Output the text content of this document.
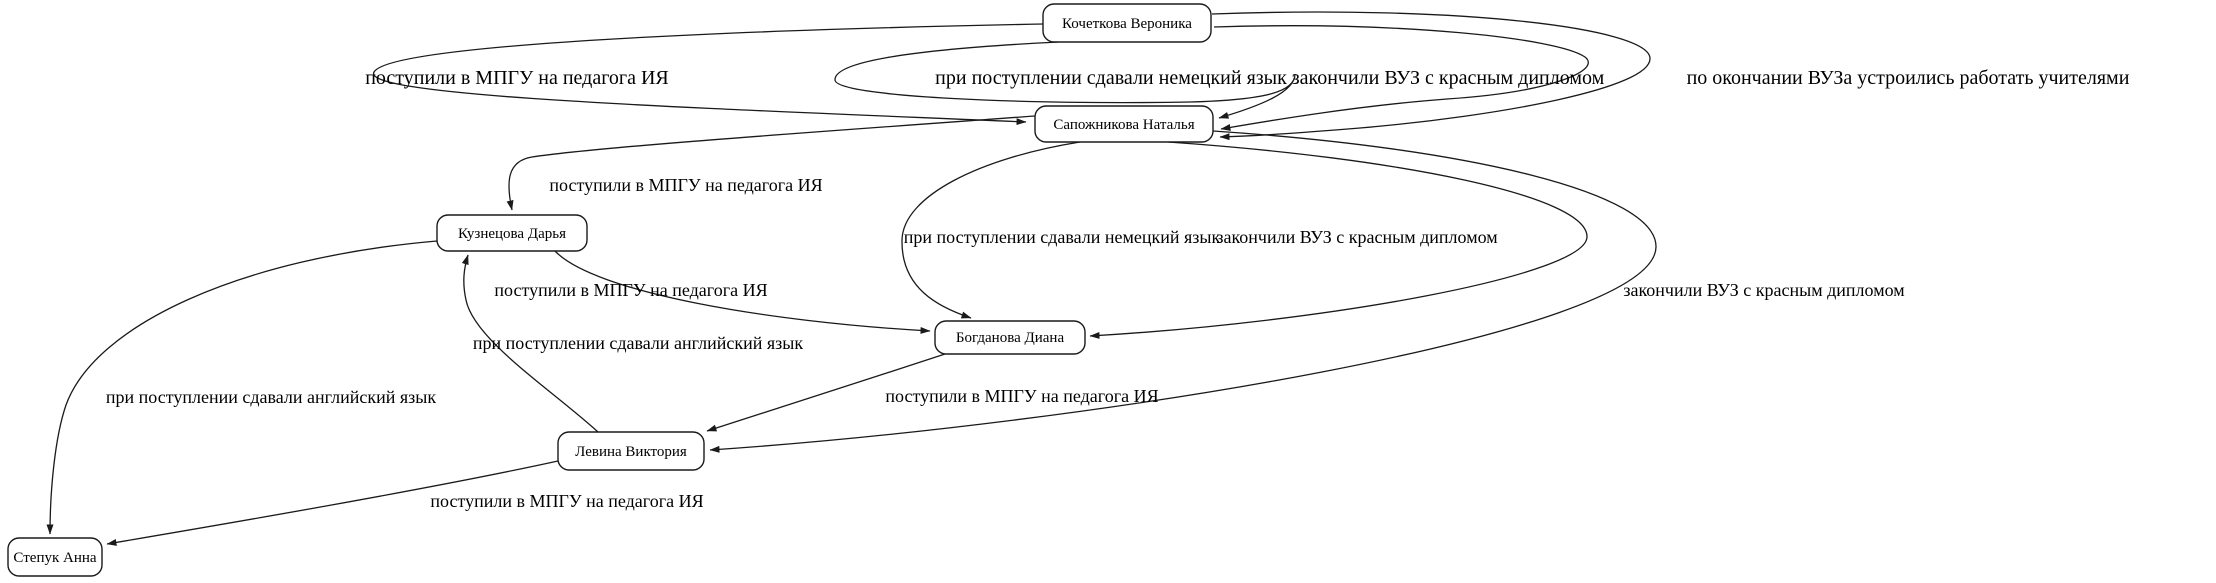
поступили в МПГУ на педагога ИЯ	при поступлении сдавали немецкий язык закончили ВУЗ с красным дипломом	по окончании ВУЗа устроились работать учителями
поступили в МПГУ на педагога ИЯ
при поступлении сдавали немецкий язык
закончили ВУЗ с красным дипломом
закончили ВУЗ с красным дипломом
поступили в МПГУ на педагога ИЯ
при поступлении сдавали английский язык
при поступлении сдавали английский язык	поступили в МПГУ на педагога ИЯ
поступили в МПГУ на педагога ИЯ
Кочеткова Вероника
Сапожникова Наталья
Кузнецова Дарья
Богданова Диана
Левина Виктория
Степук Анна
